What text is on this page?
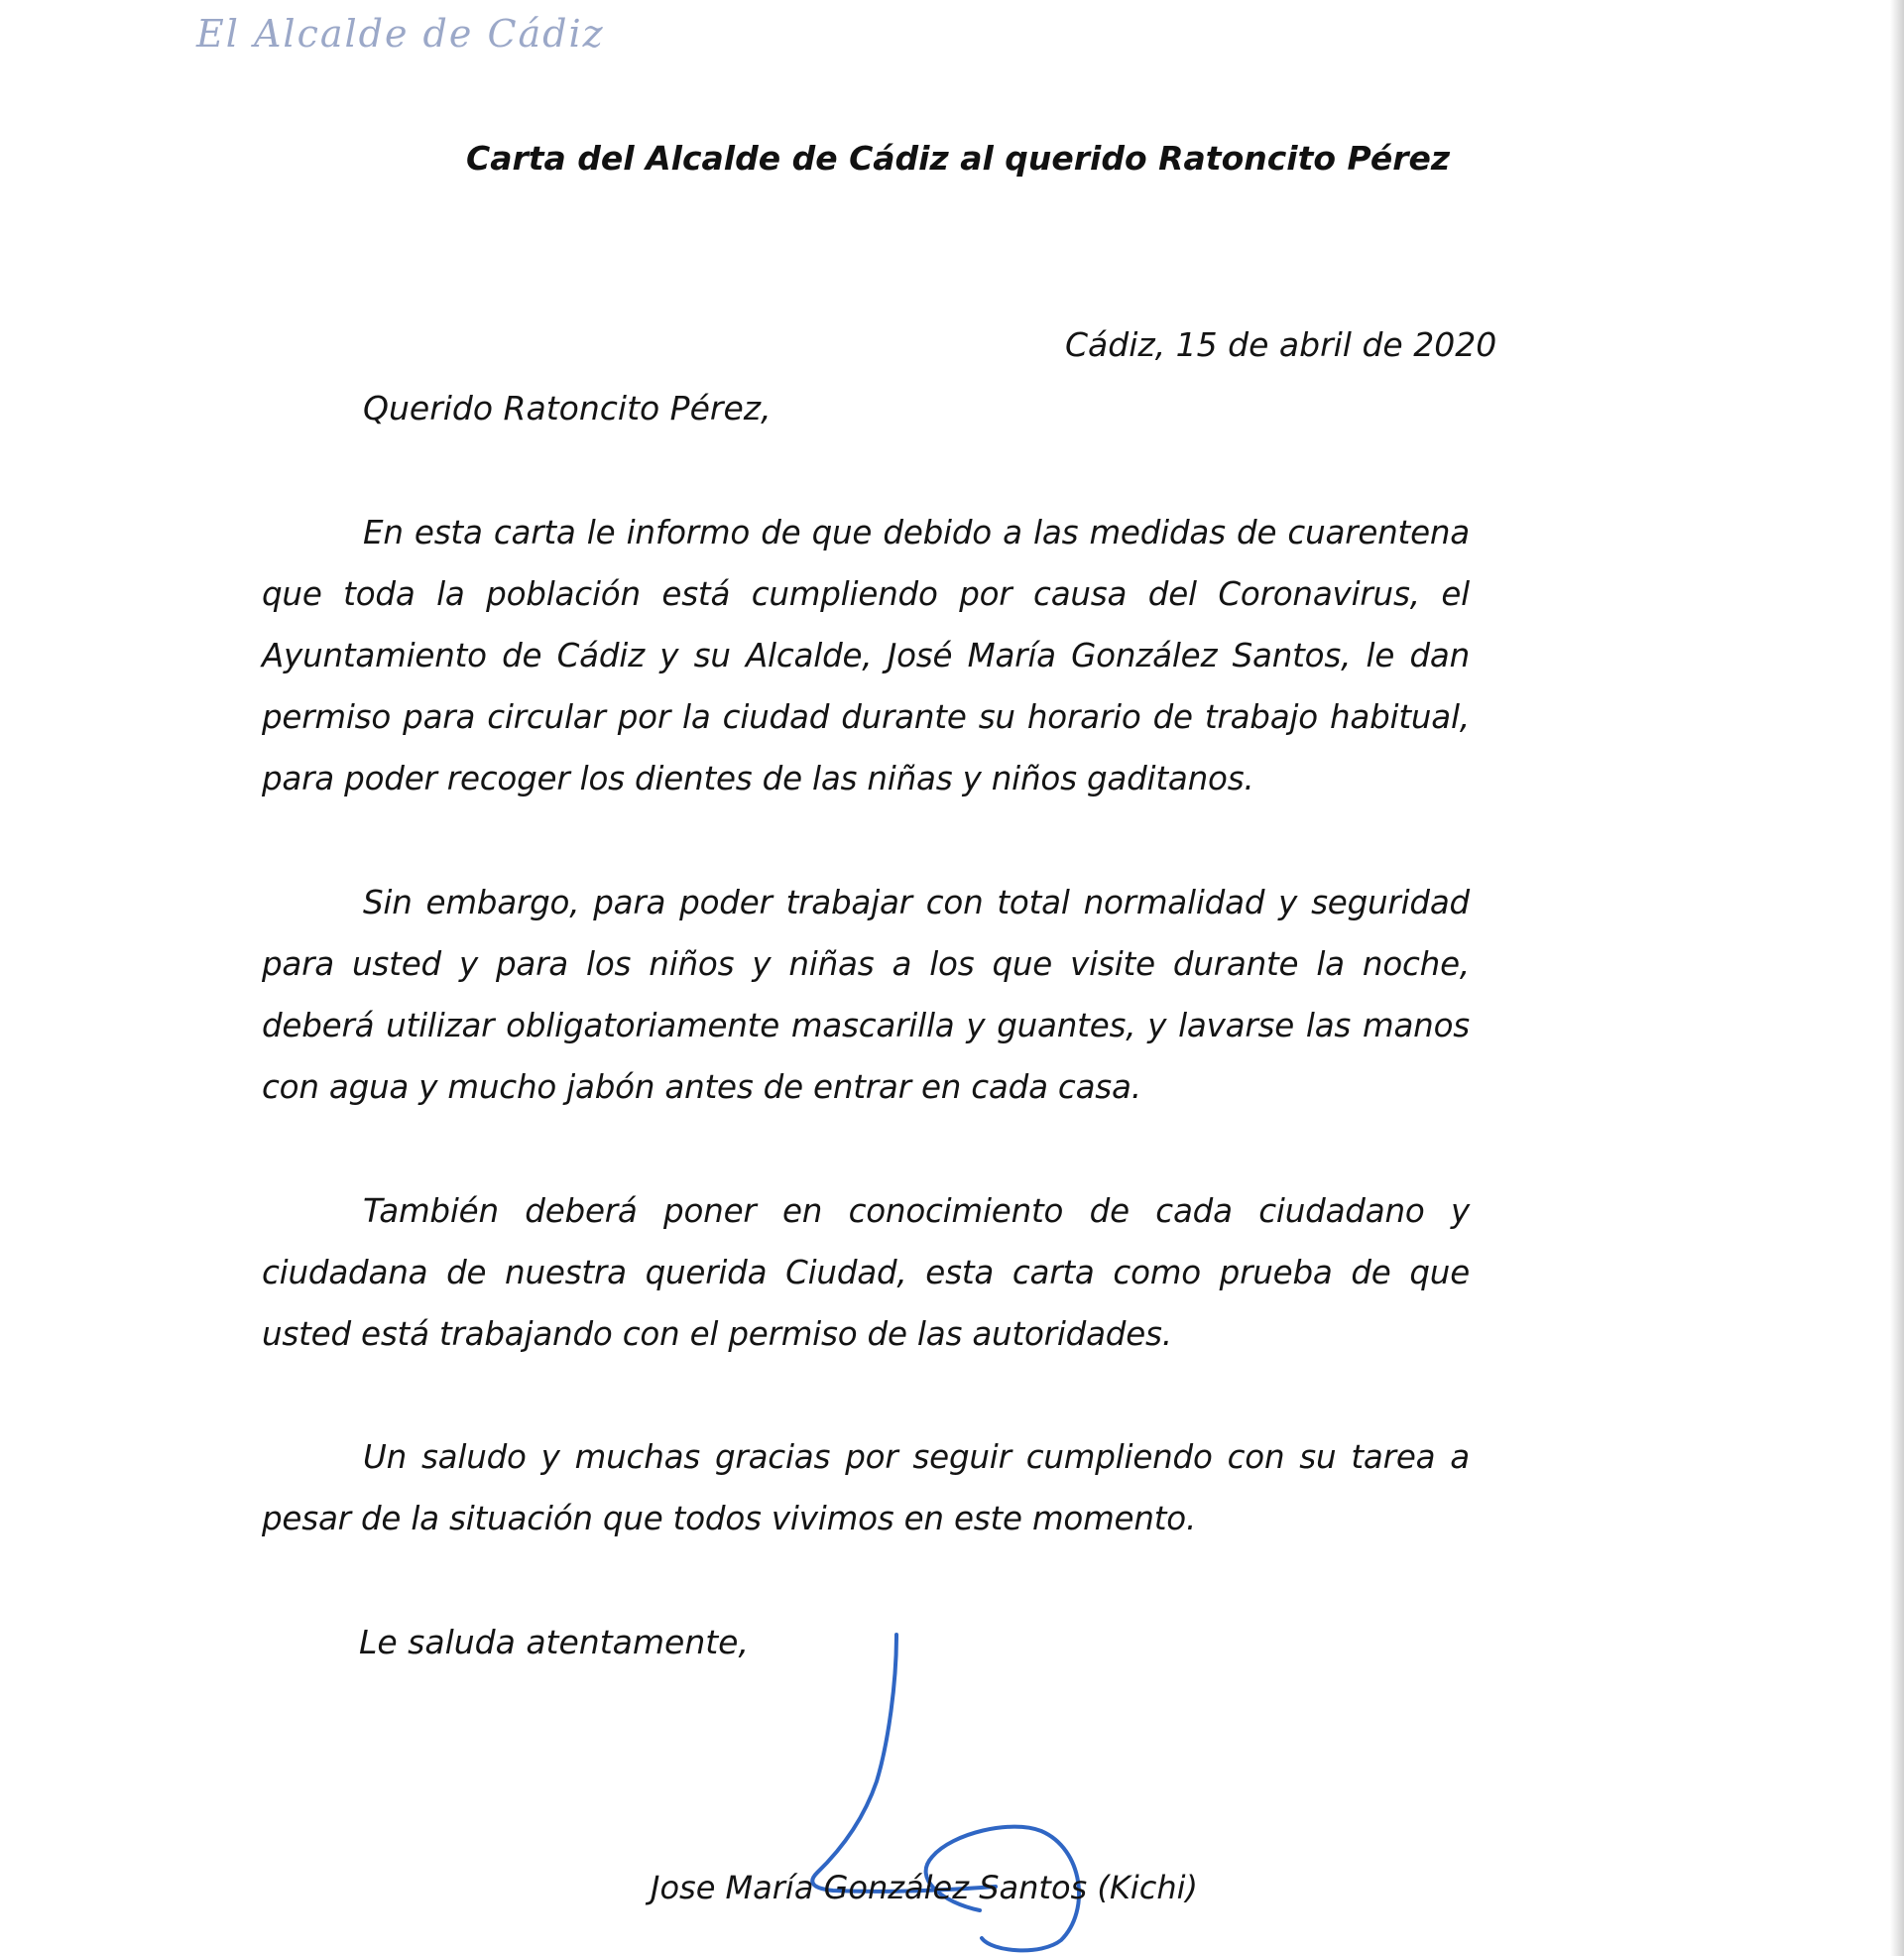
El Alcalde de Cádiz
Carta del Alcalde de Cádiz al querido Ratoncito Pérez
Cádiz, 15 de abril de 2020
Querido Ratoncito Pérez,

En esta carta le informo de que debido a las medidas de cuarentena que toda la población está cumpliendo por causa del Coronavirus, el Ayuntamiento de Cádiz y su Alcalde, José María González Santos, le dan permiso para circular por la ciudad durante su horario de trabajo habitual, para poder recoger los dientes de las niñas y niños gaditanos.

Sin embargo, para poder trabajar con total normalidad y seguridad para usted y para los niños y niñas a los que visite durante la noche, deberá utilizar obligatoriamente mascarilla y guantes, y lavarse las manos con agua y mucho jabón antes de entrar en cada casa.

También deberá poner en conocimiento de cada ciudadano y ciudadana de nuestra querida Ciudad, esta carta como prueba de que usted está trabajando con el permiso de las autoridades.

Un saludo y muchas gracias por seguir cumpliendo con su tarea a pesar de la situación que todos vivimos en este momento.

Le saluda atentamente,
Jose María González Santos (Kichi)
